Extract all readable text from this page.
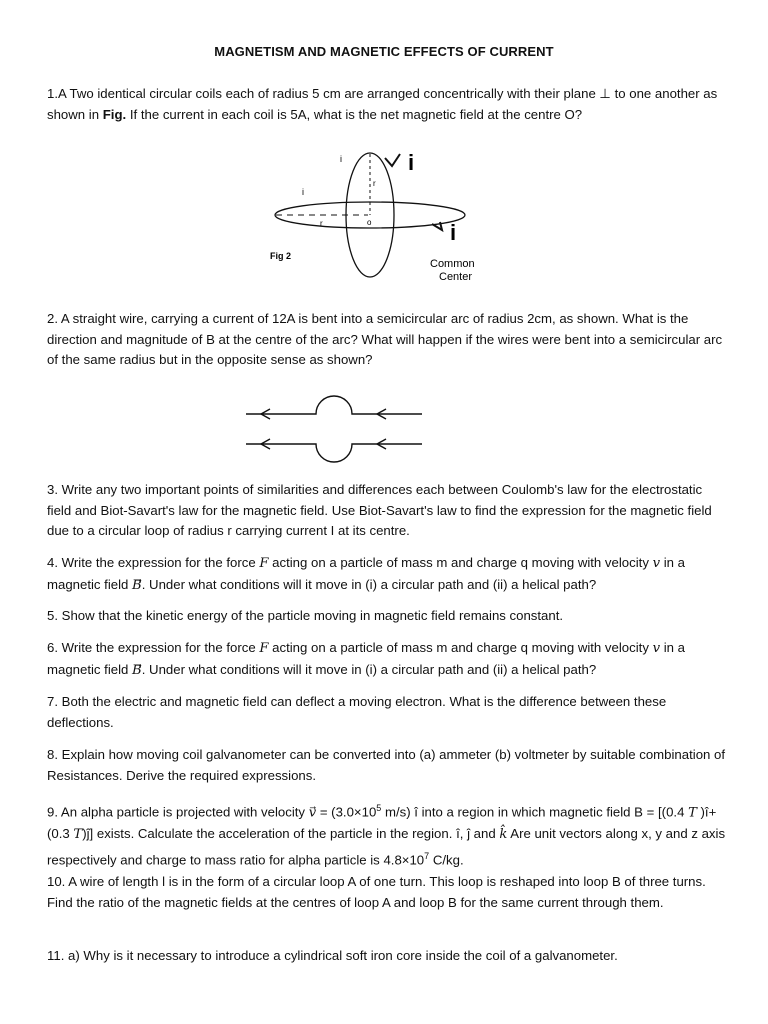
MAGNETISM AND MAGNETIC EFFECTS OF CURRENT

1.A Two identical circular coils each of radius 5 cm are arranged concentrically with their plane ⊥ to one another as shown in Fig. If the current in each coil is 5A, what is the net magnetic field at the centre O?

i	i
r
i
r	o	i
Fig 2
Common
Center

2. A straight wire, carrying a current of 12A is bent into a semicircular arc of radius 2cm, as shown. What is the direction and magnitude of B at the centre of the arc? What will happen if the wires were bent into a semicircular arc of the same radius but in the opposite sense as shown?

3. Write any two important points of similarities and differences each between Coulomb's law for the electrostatic field and Biot-Savart's law for the magnetic field. Use Biot-Savart's law to find the expression for the magnetic field due to a circular loop of radius r carrying current I at its centre.

4. Write the expression for the force F acting on a particle of mass m and charge q moving with velocity v in a magnetic field B. Under what conditions will it move in (i) a circular path and (ii) a helical path?

5. Show that the kinetic energy of the particle moving in magnetic field remains constant.

6. Write the expression for the force F acting on a particle of mass m and charge q moving with velocity v in a magnetic field B. Under what conditions will it move in (i) a circular path and (ii) a helical path?

7. Both the electric and magnetic field can deflect a moving electron. What is the difference between these deflections.

8. Explain how moving coil galvanometer can be converted into (a) ammeter (b) voltmeter by suitable combination of Resistances. Derive the required expressions.

9. An alpha particle is projected with velocity $v = (3.0\times 10^5$ m/s) î into a region in which magnetic field B = [(0.4 T )î+(0.3 T)ĵ] exists. Calculate the acceleration of the particle in the region. î, ĵ and k̂ Are unit vectors along x, y and z axis respectively and charge to mass ratio for alpha particle is $4.8\times 10^7$ C/kg.

10. A wire of length l is in the form of a circular loop A of one turn. This loop is reshaped into loop B of three turns. Find the ratio of the magnetic fields at the centres of loop A and loop B for the same current through them.

11. a) Why is it necessary to introduce a cylindrical soft iron core inside the coil of a galvanometer.
